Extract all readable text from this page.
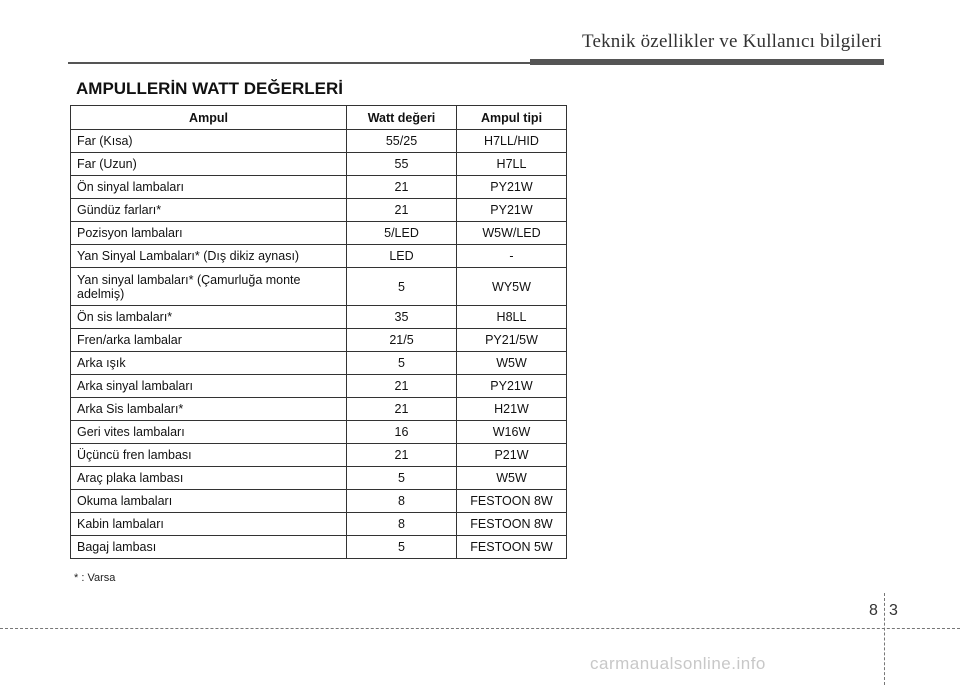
Teknik özellikler ve Kullanıcı bilgileri
AMPULLERİN WATT DEĞERLERİ
Ampul	Watt değeri	Ampul tipi
Far (Kısa)	55/25	H7LL/HID
Far (Uzun)	55	H7LL
Ön sinyal lambaları	21	PY21W
Gündüz farları*	21	PY21W
Pozisyon lambaları	5/LED	W5W/LED
Yan Sinyal Lambaları* (Dış dikiz aynası)	LED	-
Yan sinyal lambaları* (Çamurluğa monte adelmiş)	5	WY5W
Ön sis lambaları*	35	H8LL
Fren/arka lambalar	21/5	PY21/5W
Arka ışık	5	W5W
Arka sinyal lambaları	21	PY21W
Arka Sis lambaları*	21	H21W
Geri vites lambaları	16	W16W
Üçüncü fren lambası	21	P21W
Araç plaka lambası	5	W5W
Okuma lambaları	8	FESTOON 8W
Kabin lambaları	8	FESTOON 8W
Bagaj lambası	5	FESTOON 5W
* : Varsa
8 3
carmanualsonline.info
